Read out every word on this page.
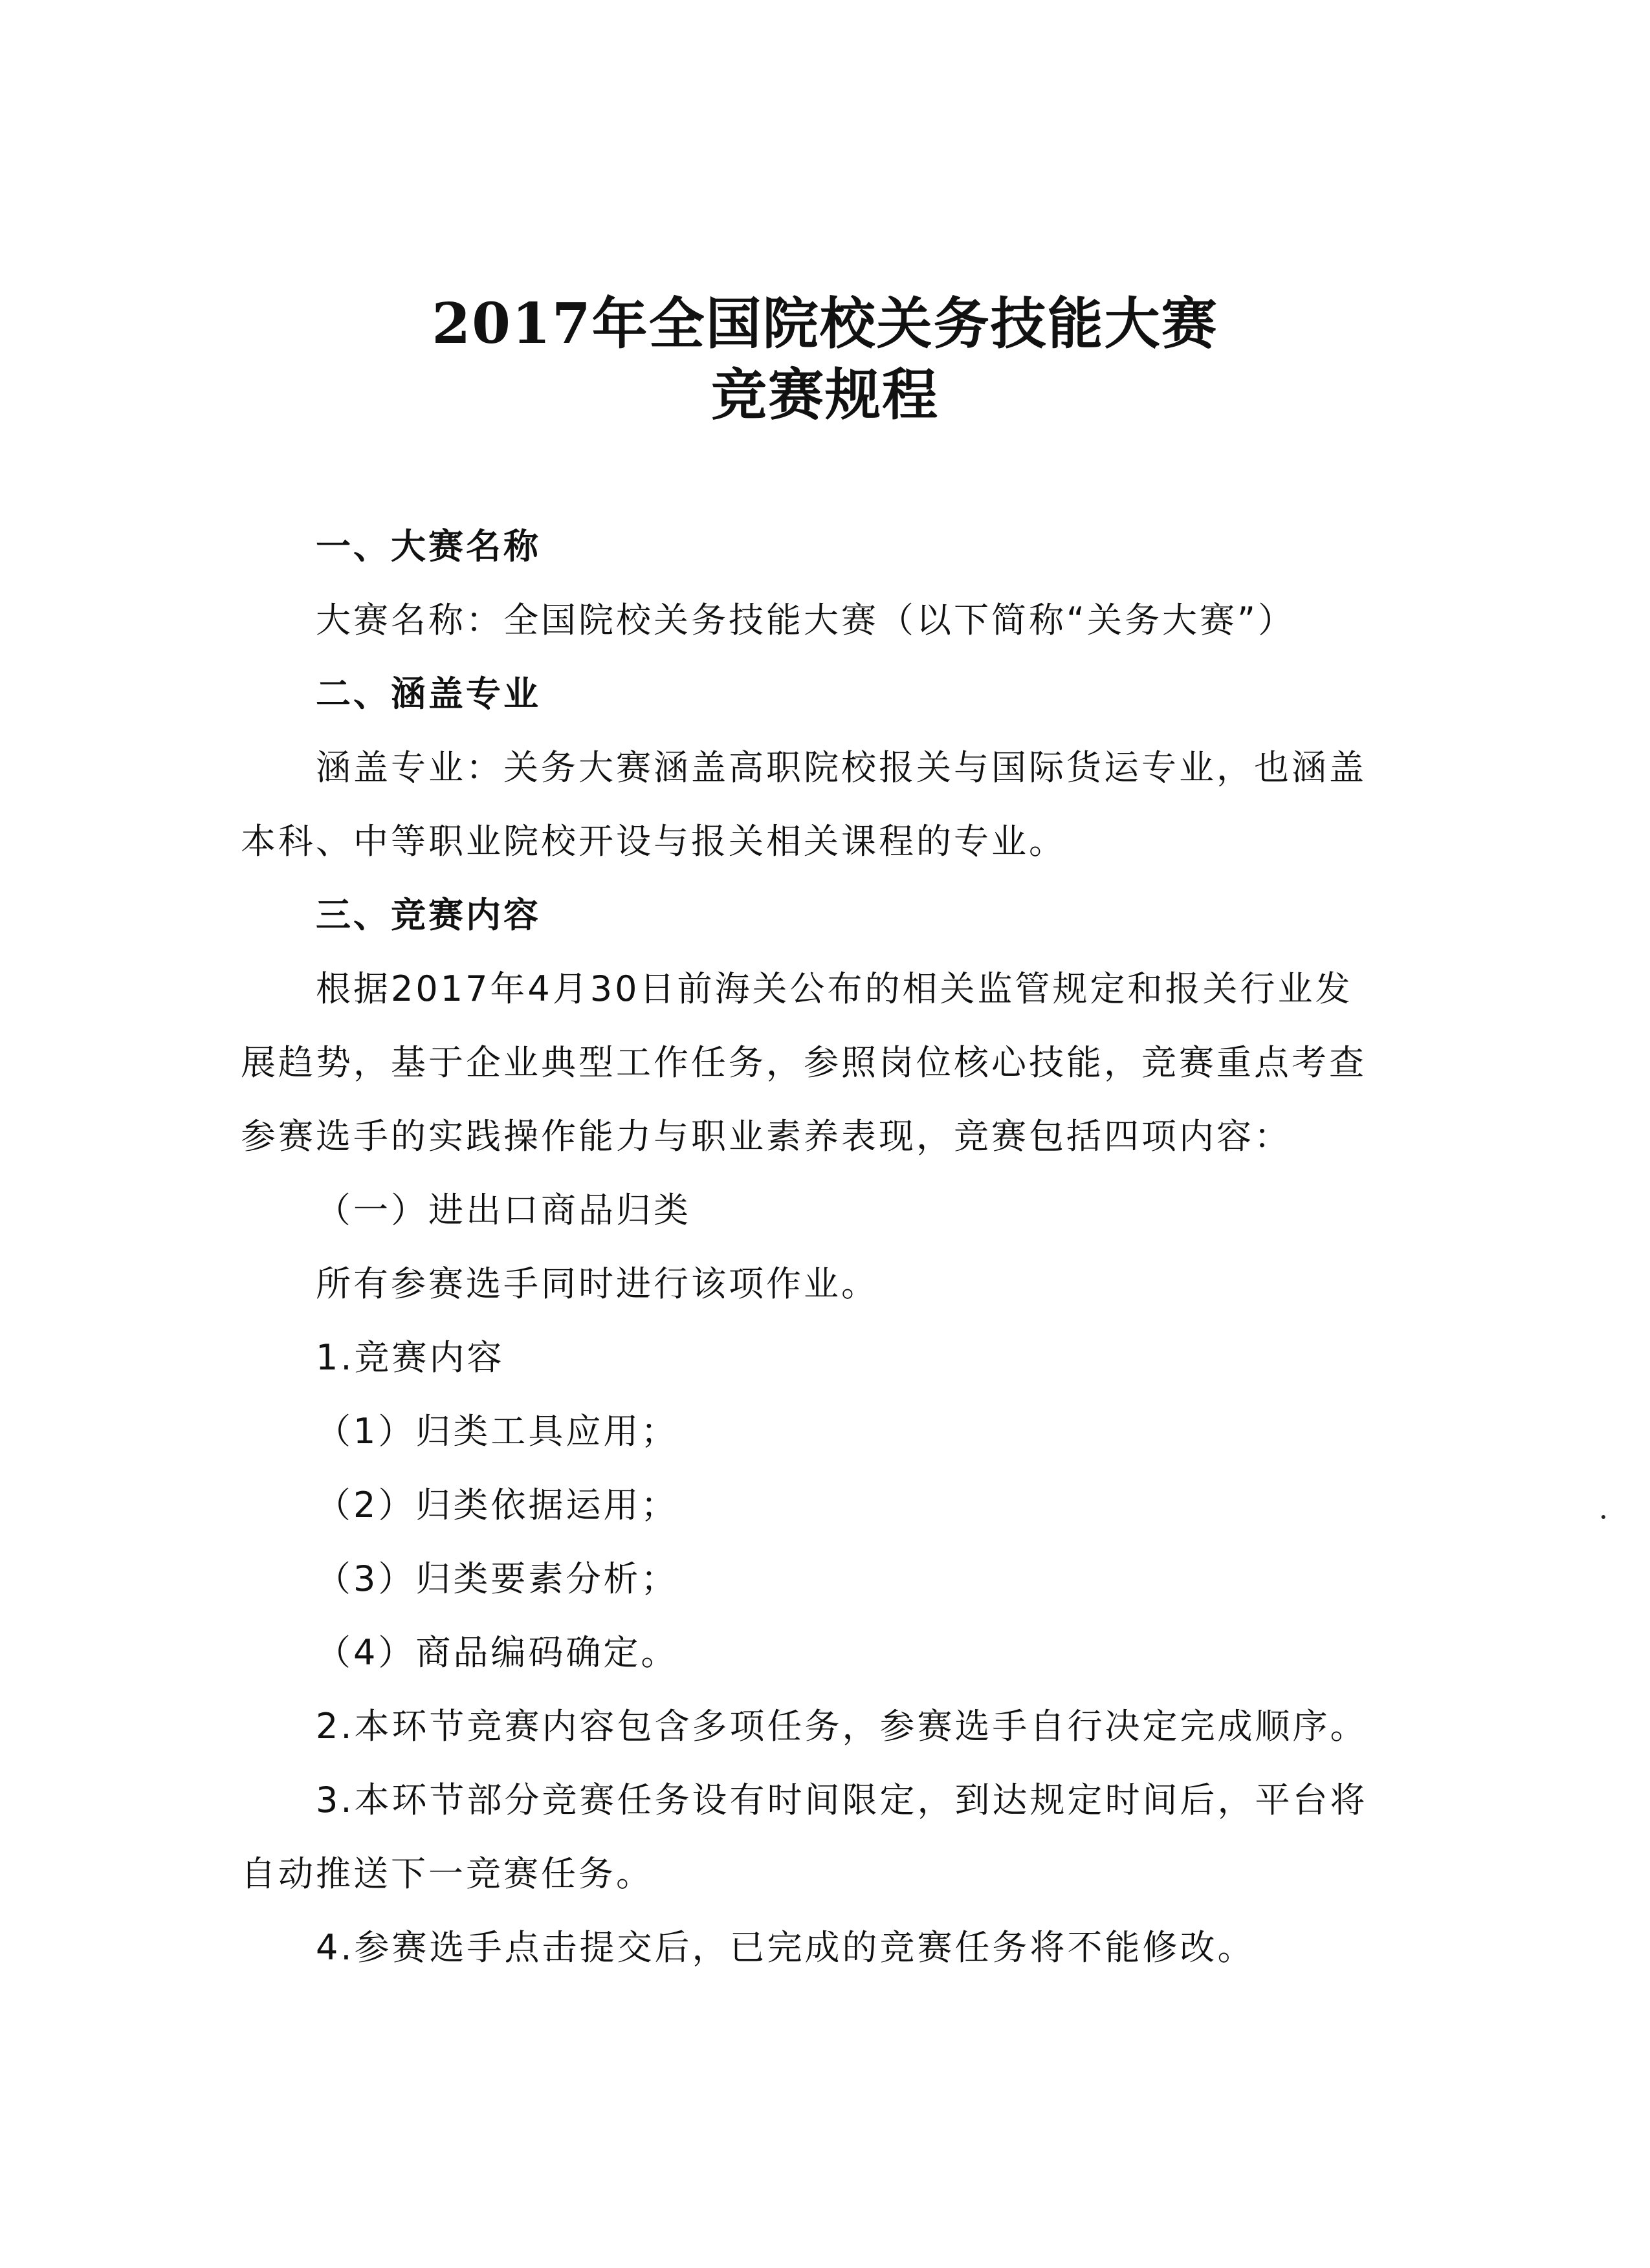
2017年全国院校关务技能大赛
竞赛规程

一、大赛名称

大赛名称：全国院校关务技能大赛（以下简称“关务大赛”）

二、涵盖专业

涵盖专业：关务大赛涵盖高职院校报关与国际货运专业，也涵盖

本科、中等职业院校开设与报关相关课程的专业。

三、竞赛内容

根据2017年4月30日前海关公布的相关监管规定和报关行业发

展趋势，基于企业典型工作任务，参照岗位核心技能，竞赛重点考查

参赛选手的实践操作能力与职业素养表现，竞赛包括四项内容：

（一）进出口商品归类

所有参赛选手同时进行该项作业。

1.竞赛内容

（1）归类工具应用；

（2）归类依据运用；

（3）归类要素分析；

（4）商品编码确定。

2.本环节竞赛内容包含多项任务，参赛选手自行决定完成顺序。

3.本环节部分竞赛任务设有时间限定，到达规定时间后，平台将

自动推送下一竞赛任务。

4.参赛选手点击提交后，已完成的竞赛任务将不能修改。
